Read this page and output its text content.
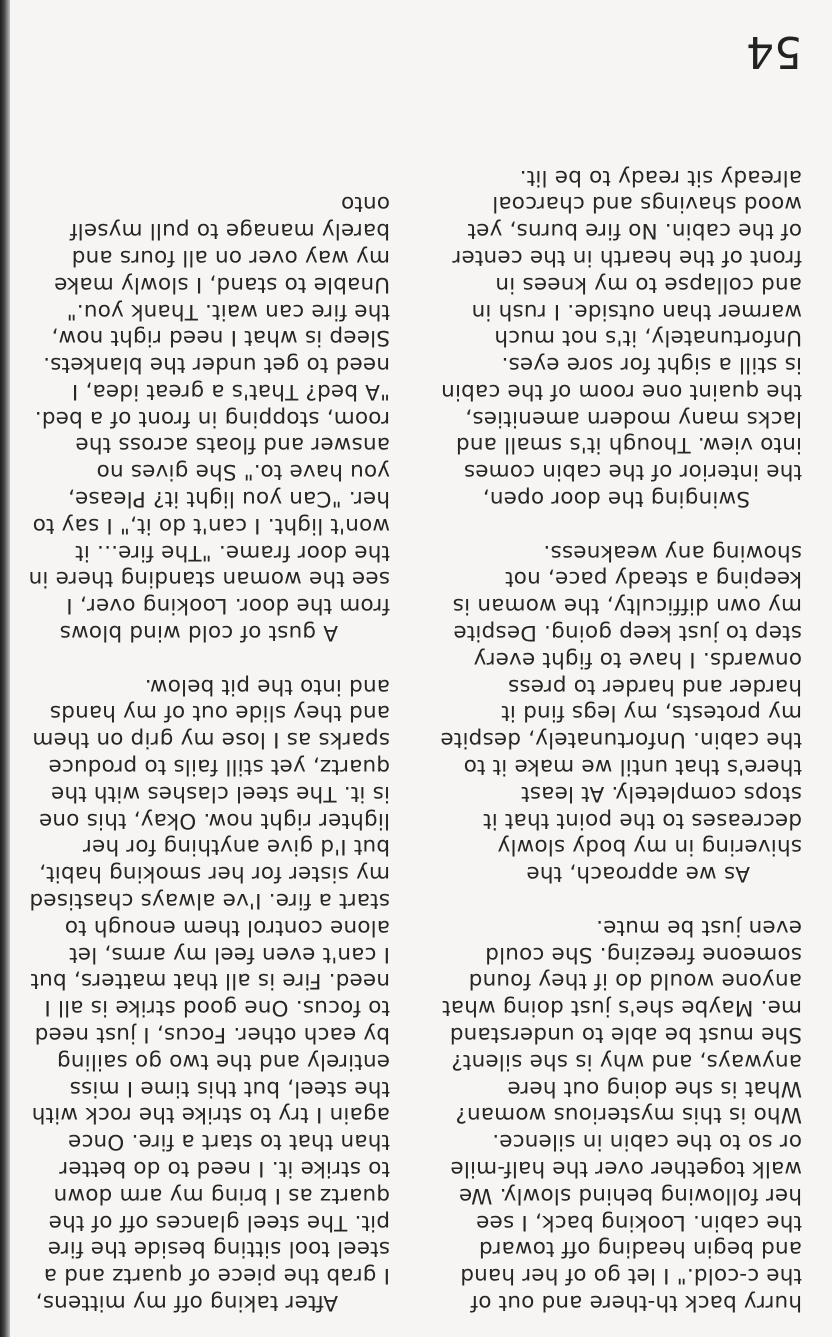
hurry back th-there and out of the c-cold." I let go of her hand and begin heading off toward the cabin. Looking back, I see her following behind slowly. We walk together over the half-mile or so to the cabin in silence. Who is this mysterious woman? What is she doing out here anyways, and why is she silent? She must be able to understand me. Maybe she's just doing what anyone would do if they found someone freezing. She could even just be mute.

As we approach, the shivering in my body slowly decreases to the point that it stops completely. At least there's that until we make it to the cabin. Unfortunately, despite my protests, my legs find it harder and harder to press onwards. I have to fight every step to just keep going. Despite my own difficulty, the woman is keeping a steady pace, not showing any weakness.

Swinging the door open, the interior of the cabin comes into view. Though it's small and lacks many modern amenities, the quaint one room of the cabin is still a sight for sore eyes. Unfortunately, it's not much warmer than outside. I rush in and collapse to my knees in front of the hearth in the center of the cabin. No fire burns, yet wood shavings and charcoal already sit ready to be lit.

After taking off my mittens, I grab the piece of quartz and a steel tool sitting beside the fire pit. The steel glances off of the quartz as I bring my arm down to strike it. I need to do better than that to start a fire. Once again I try to strike the rock with the steel, but this time I miss entirely and the two go sailing by each other. Focus, I just need to focus. One good strike is all I need. Fire is all that matters, but I can't even feel my arms, let alone control them enough to start a fire. I've always chastised my sister for her smoking habit, but I'd give anything for her lighter right now. Okay, this one is it. The steel clashes with the quartz, yet still fails to produce sparks as I lose my grip on them and they slide out of my hands and into the pit below.

A gust of cold wind blows from the door. Looking over, I see the woman standing there in the door frame. "The fire... it won't light. I can't do it," I say to her. "Can you light it? Please, you have to." She gives no answer and floats across the room, stopping in front of a bed. "A bed? That's a great idea, I need to get under the blankets. Sleep is what I need right now, the fire can wait. Thank you." Unable to stand, I slowly make my way over on all fours and barely manage to pull myself onto

54
